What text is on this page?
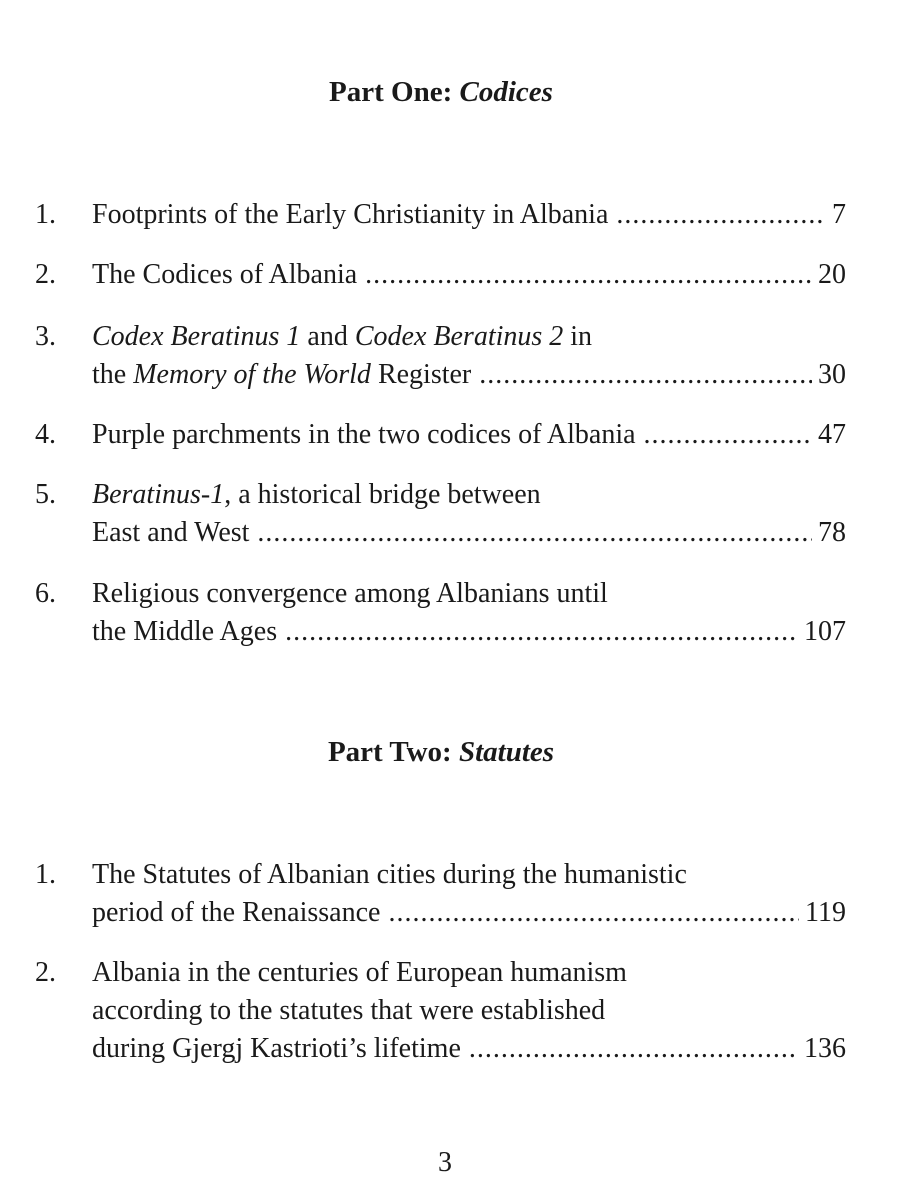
Part One: Codices
1. Footprints of the Early Christianity in Albania .....	7
2. The Codices of Albania .....	20
3. Codex Beratinus 1 and Codex Beratinus 2 in
the Memory of the World Register .....	30
4. Purple parchments in the two codices of Albania .....	47
5. Beratinus-1, a historical bridge between
East and West .....	78
6. Religious convergence among Albanians until
the Middle Ages .....	107
Part Two: Statutes
1. The Statutes of Albanian cities during the humanistic
period of the Renaissance .....	119
2. Albania in the centuries of European humanism
according to the statutes that were established
during Gjergj Kastrioti’s lifetime .....	136
3
